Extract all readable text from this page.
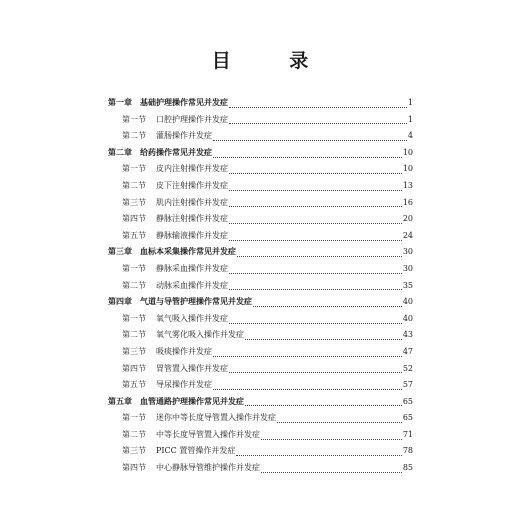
目 录
第一章 基础护理操作常见并发症	1
第一节 口腔护理操作并发症	1
第二节 灌肠操作并发症	4
第二章 给药操作常见并发症	10
第一节 皮内注射操作并发症	10
第二节 皮下注射操作并发症	13
第三节 肌内注射操作并发症	16
第四节 静脉注射操作并发症	20
第五节 静脉输液操作并发症	24
第三章 血标本采集操作常见并发症	30
第一节 静脉采血操作并发症	30
第二节 动脉采血操作并发症	35
第四章 气道与导管护理操作常见并发症	40
第一节 氧气吸入操作并发症	40
第二节 氧气雾化吸入操作并发症	43
第三节 吸痰操作并发症	47
第四节 胃管置入操作并发症	52
第五节 导尿操作并发症	57
第五章 血管通路护理操作常见并发症	65
第一节 迷你中等长度导管置入操作并发症	65
第二节 中等长度导管置入操作并发症	71
第三节 PICC 置管操作并发症	78
第四节 中心静脉导管维护操作并发症	85
